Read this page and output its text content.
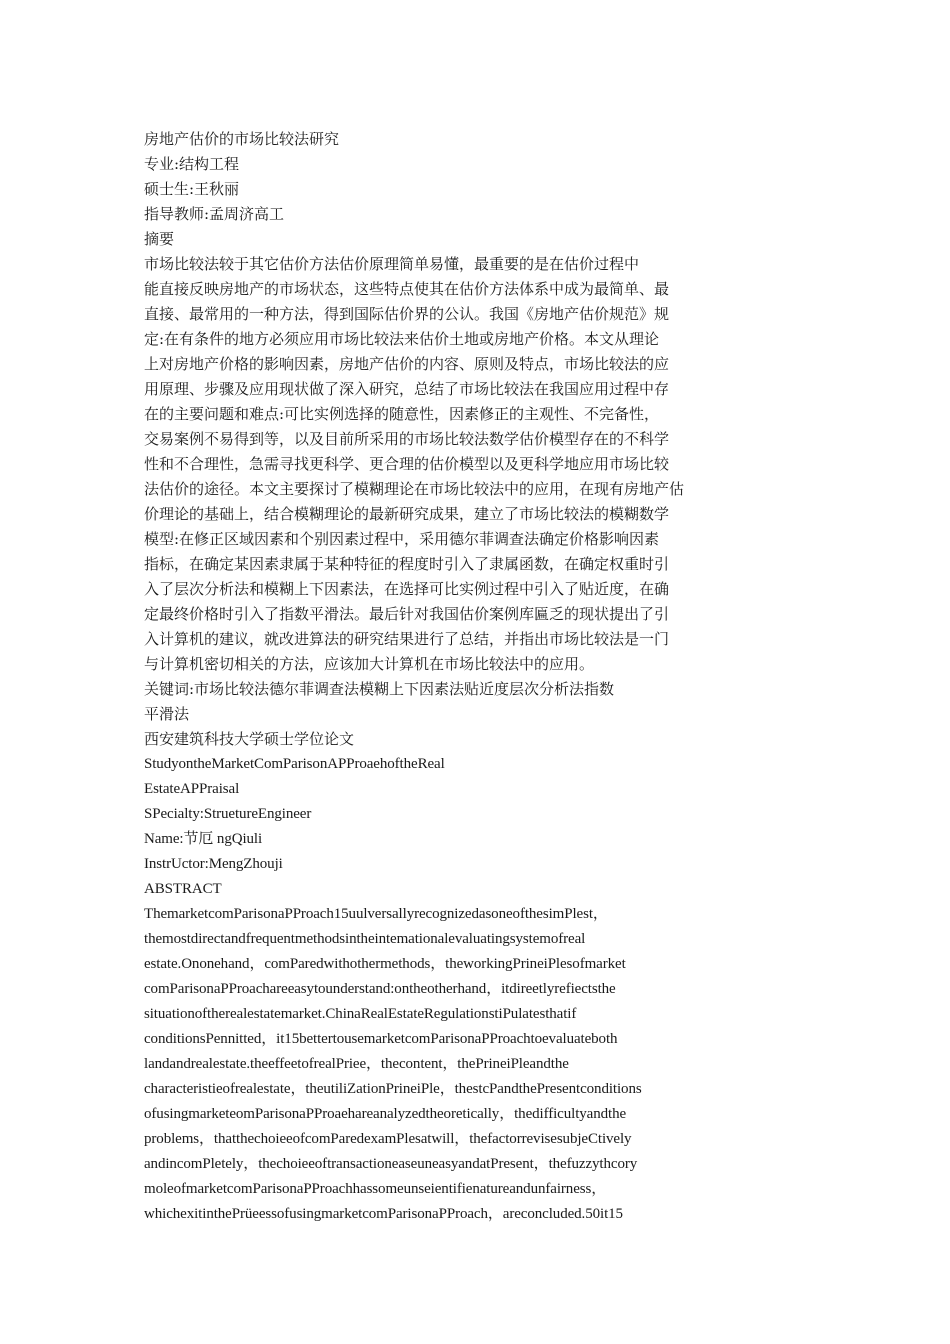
房地产估价的市场比较法研究
专业:结构工程
硕士生:王秋丽
指导教师:孟周济高工
摘要
市场比较法较于其它估价方法估价原理简单易懂，最重要的是在估价过程中
能直接反映房地产的市场状态，这些特点使其在估价方法体系中成为最简单、最
直接、最常用的一种方法，得到国际估价界的公认。我国《房地产估价规范》规
定:在有条件的地方必须应用市场比较法来估价土地或房地产价格。本文从理论
上对房地产价格的影响因素，房地产估价的内容、原则及特点，市场比较法的应
用原理、步骤及应用现状做了深入研究，总结了市场比较法在我国应用过程中存
在的主要问题和难点:可比实例选择的随意性，因素修正的主观性、不完备性，
交易案例不易得到等，以及目前所采用的市场比较法数学估价模型存在的不科学
性和不合理性，急需寻找更科学、更合理的估价模型以及更科学地应用市场比较
法估价的途径。本文主要探讨了模糊理论在市场比较法中的应用，在现有房地产估
价理论的基础上，结合模糊理论的最新研究成果，建立了市场比较法的模糊数学
模型:在修正区域因素和个别因素过程中，采用德尔菲调查法确定价格影响因素
指标，在确定某因素隶属于某种特征的程度时引入了隶属函数，在确定权重时引
入了层次分析法和模糊上下因素法，在选择可比实例过程中引入了贴近度，在确
定最终价格时引入了指数平滑法。最后针对我国估价案例库匾乏的现状提出了引
入计算机的建议，就改进算法的研究结果进行了总结，并指出市场比较法是一门
与计算机密切相关的方法，应该加大计算机在市场比较法中的应用。
关键词:市场比较法德尔菲调查法模糊上下因素法贴近度层次分析法指数
平滑法
西安建筑科技大学硕士学位论文
StudyontheMarketComParisonAPProaehoftheReal
EstateAPPraisal
SPecialty:StruetureEngineer
Name:节厄 ngQiuli
InstrUctor:MengZhouji
ABSTRACT
ThemarketcomParisonaPProach15uulversallyrecognizedasoneofthesimPlest，
themostdirectandfrequentmethodsintheintemationalevaluatingsystemofreal
estate.Ononehand，comParedwithothermethods，theworkingPrineiPlesofmarket
comParisonaPProachareeasytounderstand:ontheotherhand，itdireetlyrefiectsthe
situationoftherealestatemarket.ChinaRealEstateRegulationstiPulatesthatif
conditionsPennitted，it15bettertousemarketcomParisonaPProachtoevaluateboth
landandrealestate.theeffeetofrealPriee，thecontent，thePrineiPleandthe
characteristieofrealestate，theutiliZationPrineiPle，thestcPandthePresentconditions
ofusingmarketeomParisonaPProaehareanalyzedtheoretically，thedifficultyandthe
problems，thatthechoieeofcomParedexamPlesatwill，thefactorrevisesubjeCtively
andincomPletely，thechoieeoftransactioneaseuneasyandatPresent，thefuzzythcory
moleofmarketcomParisonaPProachhassomeunseientifienatureandunfairness，
whichexitinthePrüeessofusingmarketcomParisonaPProach，areconcluded.50it15
